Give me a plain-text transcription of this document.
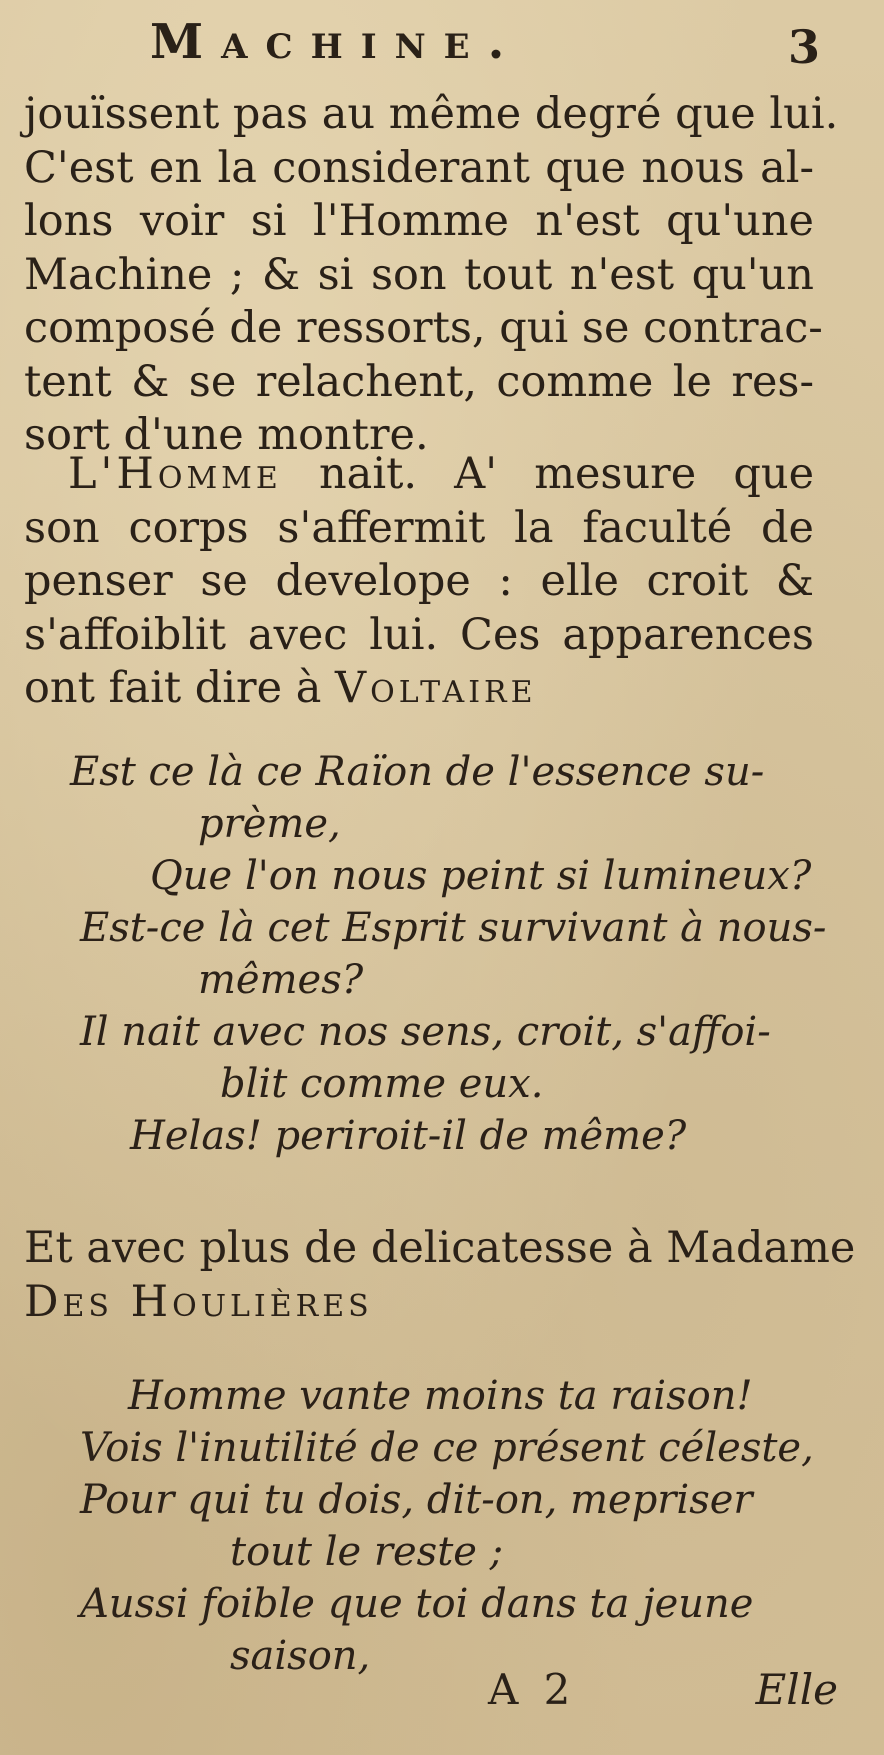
Machine.	3
jouïssent pas au même degré que lui.
C'est en la considerant que nous al-
lons voir si l'Homme n'est qu'une
Machine ; & si son tout n'est qu'un
composé de ressorts, qui se contrac-
tent & se relachent, comme le res-
sort d'une montre.
L'Homme nait. A' mesure que
son corps s'affermit la faculté de
penser se develope : elle croit &
s'affoiblit avec lui. Ces apparences
ont fait dire à Voltaire
Est ce là ce Raïon de l'essence su-
prème,
Que l'on nous peint si lumineux?
Est-ce là cet Esprit survivant à nous-
mêmes?
Il nait avec nos sens, croit, s'affoi-
blit comme eux.
Helas! periroit-il de même?
Et avec plus de delicatesse à Madame
Des Houlières
Homme vante moins ta raison!
Vois l'inutilité de ce présent céleste,
Pour qui tu dois, dit-on, mepriser
tout le reste ;
Aussi foible que toi dans ta jeune
saison,
A 2	Elle
